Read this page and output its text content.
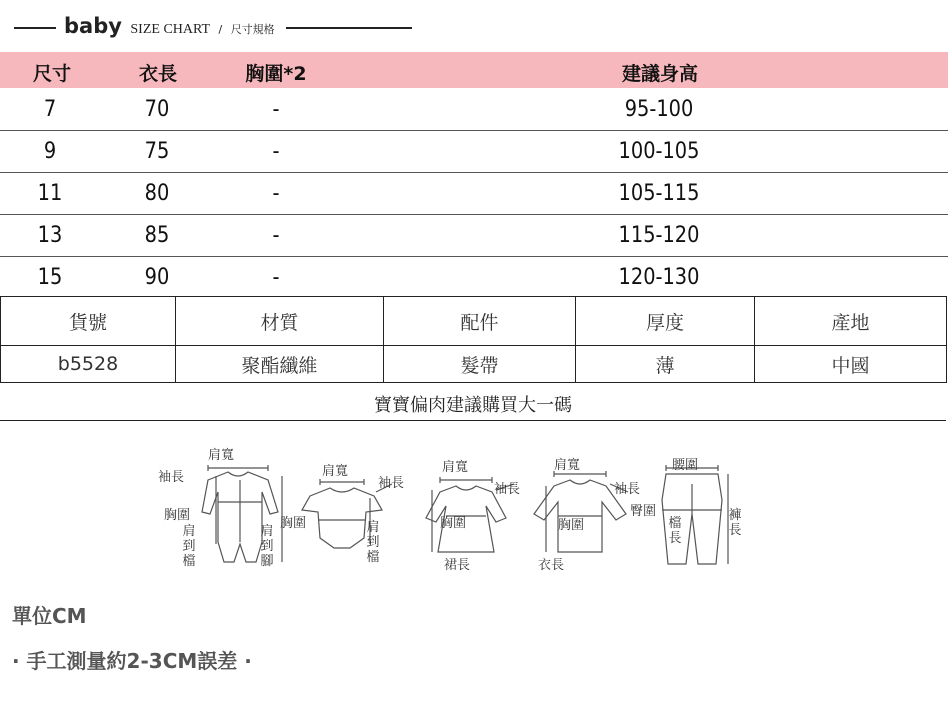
baby SIZE CHART / 尺寸規格
尺寸	衣長	胸圍*2	建議身高
7	70	-	95-100
9	75	-	100-105
11	80	-	105-115
13	85	-	115-120
15	90	-	120-130
貨號	材質	配件	厚度	產地
b5528	聚酯纖維	髮帶	薄	中國
寶寶偏肉建議購買大一碼
肩寬
袖長
胸圍
肩到檔
肩到腳
肩寬
袖長
胸圍	肩到檔
肩寬
袖長
胸圍
裙長
肩寬
袖長
胸圍
衣長
腰圍
臀圍
檔長
褲長
單位CM
· 手工測量約2-3CM誤差 ·
